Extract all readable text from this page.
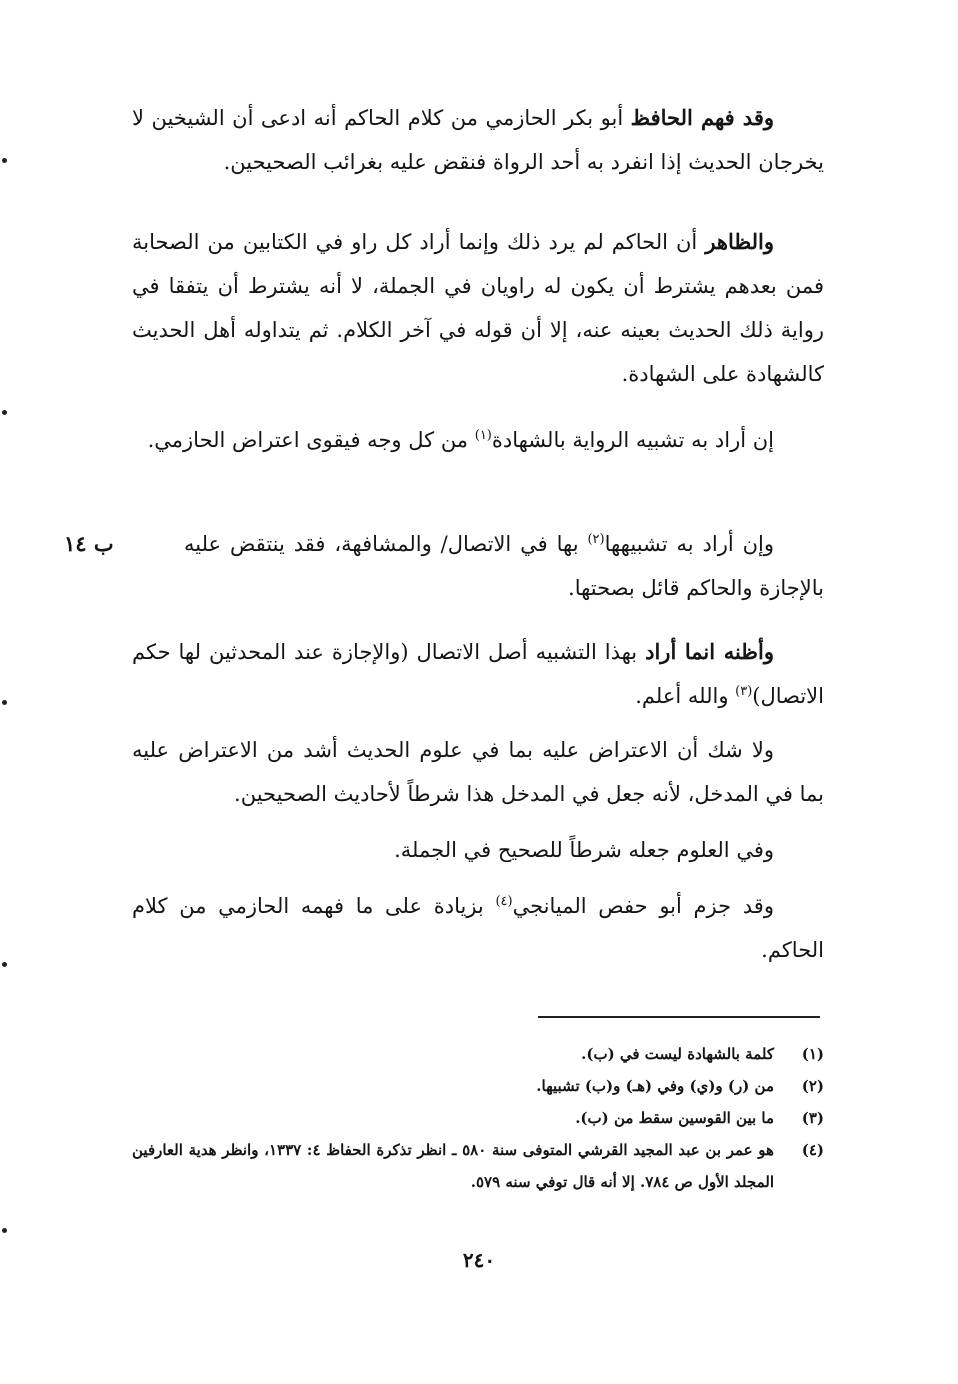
وقد فهم الحافظ أبو بكر الحازمي من كلام الحاكم أنه ادعى أن الشيخين لا يخرجان الحديث إذا انفرد به أحد الرواة فنقض عليه بغرائب الصحيحين.
والظاهر أن الحاكم لم يرد ذلك وإنما أراد كل راو في الكتابين من الصحابة فمن بعدهم يشترط أن يكون له راويان في الجملة، لا أنه يشترط أن يتفقا في رواية ذلك الحديث بعينه عنه، إلا أن قوله في آخر الكلام. ثم يتداوله أهل الحديث كالشهادة على الشهادة.
إن أراد به تشبيه الرواية بالشهادة$^{(١)}$ من كل وجه فيقوى اعتراض الحازمي.
وإن أراد به تشبيهها$^{(٢)}$ بها في الاتصال/ والمشافهة، فقد ينتقض عليه بالإجازة والحاكم قائل بصحتها.
ب ١٤
وأظنه انما أراد بهذا التشبيه أصل الاتصال (والإجازة عند المحدثين لها حكم الاتصال)$^{(٣)}$ والله أعلم.
ولا شك أن الاعتراض عليه بما في علوم الحديث أشد من الاعتراض عليه بما في المدخل، لأنه جعل في المدخل هذا شرطاً لأحاديث الصحيحين.
وفي العلوم جعله شرطاً للصحيح في الجملة.
وقد جزم أبو حفص الميانجي$^{(٤)}$ بزيادة على ما فهمه الحازمي من كلام الحاكم.
(١)
كلمة بالشهادة ليست في (ب).
(٢)
من (ر) و(ي) وفي (هـ) و(ب) تشبيها.
(٣)
ما بين القوسين سقط من (ب).
(٤)
هو عمر بن عبد المجيد القرشي المتوفى سنة ٥٨٠ ـ انظر تذكرة الحفاظ ٤: ١٣٣٧، وانظر هدية العارفين المجلد الأول ص ٧٨٤. إلا أنه قال توفي سنه ٥٧٩.
٢٤٠
